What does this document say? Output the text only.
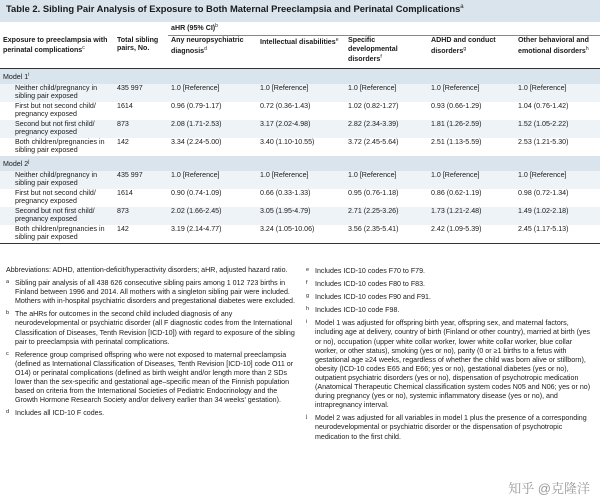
Table 2. Sibling Pair Analysis of Exposure to Both Maternal Preeclampsia and Perinatal Complications$^a$
		aHR (95% CI)$^b$
Exposure to preeclampsia with perinatal complications$^c$	Total sibling pairs, No.	Any neuropsychiatric diagnosis$^d$	Intellectual disabilities$^e$	Specific developmental disorders$^f$	ADHD and conduct disorders$^g$	Other behavioral and emotional disorders$^h$
Model 1$^i$
Neither child/pregnancy in sibling pair exposed	435 997	1.0 [Reference]	1.0 [Reference]	1.0 [Reference]	1.0 [Reference]	1.0 [Reference]
First but not second child/ pregnancy exposed	1614	0.96 (0.79-1.17)	0.72 (0.36-1.43)	1.02 (0.82-1.27)	0.93 (0.66-1.29)	1.04 (0.76-1.42)
Second but not first child/ pregnancy exposed	873	2.08 (1.71-2.53)	3.17 (2.02-4.98)	2.82 (2.34-3.39)	1.81 (1.26-2.59)	1.52 (1.05-2.22)
Both children/pregnancies in sibling pair exposed	142	3.34 (2.24-5.00)	3.40 (1.10-10.55)	3.72 (2.45-5.64)	2.51 (1.13-5.59)	2.53 (1.21-5.30)
Model 2$^j$
Neither child/pregnancy in sibling pair exposed	435 997	1.0 [Reference]	1.0 [Reference]	1.0 [Reference]	1.0 [Reference]	1.0 [Reference]
First but not second child/ pregnancy exposed	1614	0.90 (0.74-1.09)	0.66 (0.33-1.33)	0.95 (0.76-1.18)	0.86 (0.62-1.19)	0.98 (0.72-1.34)
Second but not first child/ pregnancy exposed	873	2.02 (1.66-2.45)	3.05 (1.95-4.79)	2.71 (2.25-3.26)	1.73 (1.21-2.48)	1.49 (1.02-2.18)
Both children/pregnancies in sibling pair exposed	142	3.19 (2.14-4.77)	3.24 (1.05-10.06)	3.56 (2.35-5.41)	2.42 (1.09-5.39)	2.45 (1.17-5.13)

Abbreviations: ADHD, attention-deficit/hyperactivity disorders; aHR, adjusted hazard ratio.

a Sibling pair analysis of all 438 626 consecutive sibling pairs among 1 012 723 births in Finland between 1996 and 2014. All mothers with a singleton sibling pair were included. Mothers with in-hospital psychiatric disorders and pregestational diabetes were excluded.

b The aHRs for outcomes in the second child included diagnosis of any neurodevelopmental or psychiatric disorder (all F diagnostic codes from the International Classification of Diseases, Tenth Revision [ICD-10]) with regard to exposure of the sibling pair to preeclampsia with perinatal complications.

c Reference group comprised offspring who were not exposed to maternal preeclampsia (defined as International Classification of Diseases, Tenth Revision [ICD-10] code O11 or O14) or perinatal complications (defined as birth weight and/or length more than 2 SDs lower than the sex-specific and gestational age–specific mean of the Finnish population based on criteria from the International Societies of Pediatric Endocrinology and the Growth Hormone Research Society and/or delivery earlier than 34 weeks' gestation).

d Includes all ICD-10 F codes.

e Includes ICD-10 codes F70 to F79.

f Includes ICD-10 codes F80 to F83.

g Includes ICD-10 codes F90 and F91.

h Includes ICD-10 code F98.

i Model 1 was adjusted for offspring birth year, offspring sex, and maternal factors, including age at delivery, country of birth (Finland or other country), married at birth (yes or no), occupation (upper white collar worker, lower white collar worker, blue collar worker, or other status), smoking (yes or no), parity (0 or ≥1 births to a fetus with gestational age ≥24 weeks, regardless of whether the child was born alive or stillborn), obesity (ICD-10 codes E65 and E66; yes or no), gestational diabetes (yes or no), outpatient psychiatric disorders (yes or no), dispensation of psychotropic medication (Anatomical Therapeutic Chemical classification system codes N05 and N06; yes or no) during pregnancy (yes or no), systemic inflammatory disease (yes or no), and intrapregnancy interval.

j Model 2 was adjusted for all variables in model 1 plus the presence of a corresponding neurodevelopmental or psychiatric disorder or the dispensation of psychotropic medication to the first child.

知乎 @克隆洋
